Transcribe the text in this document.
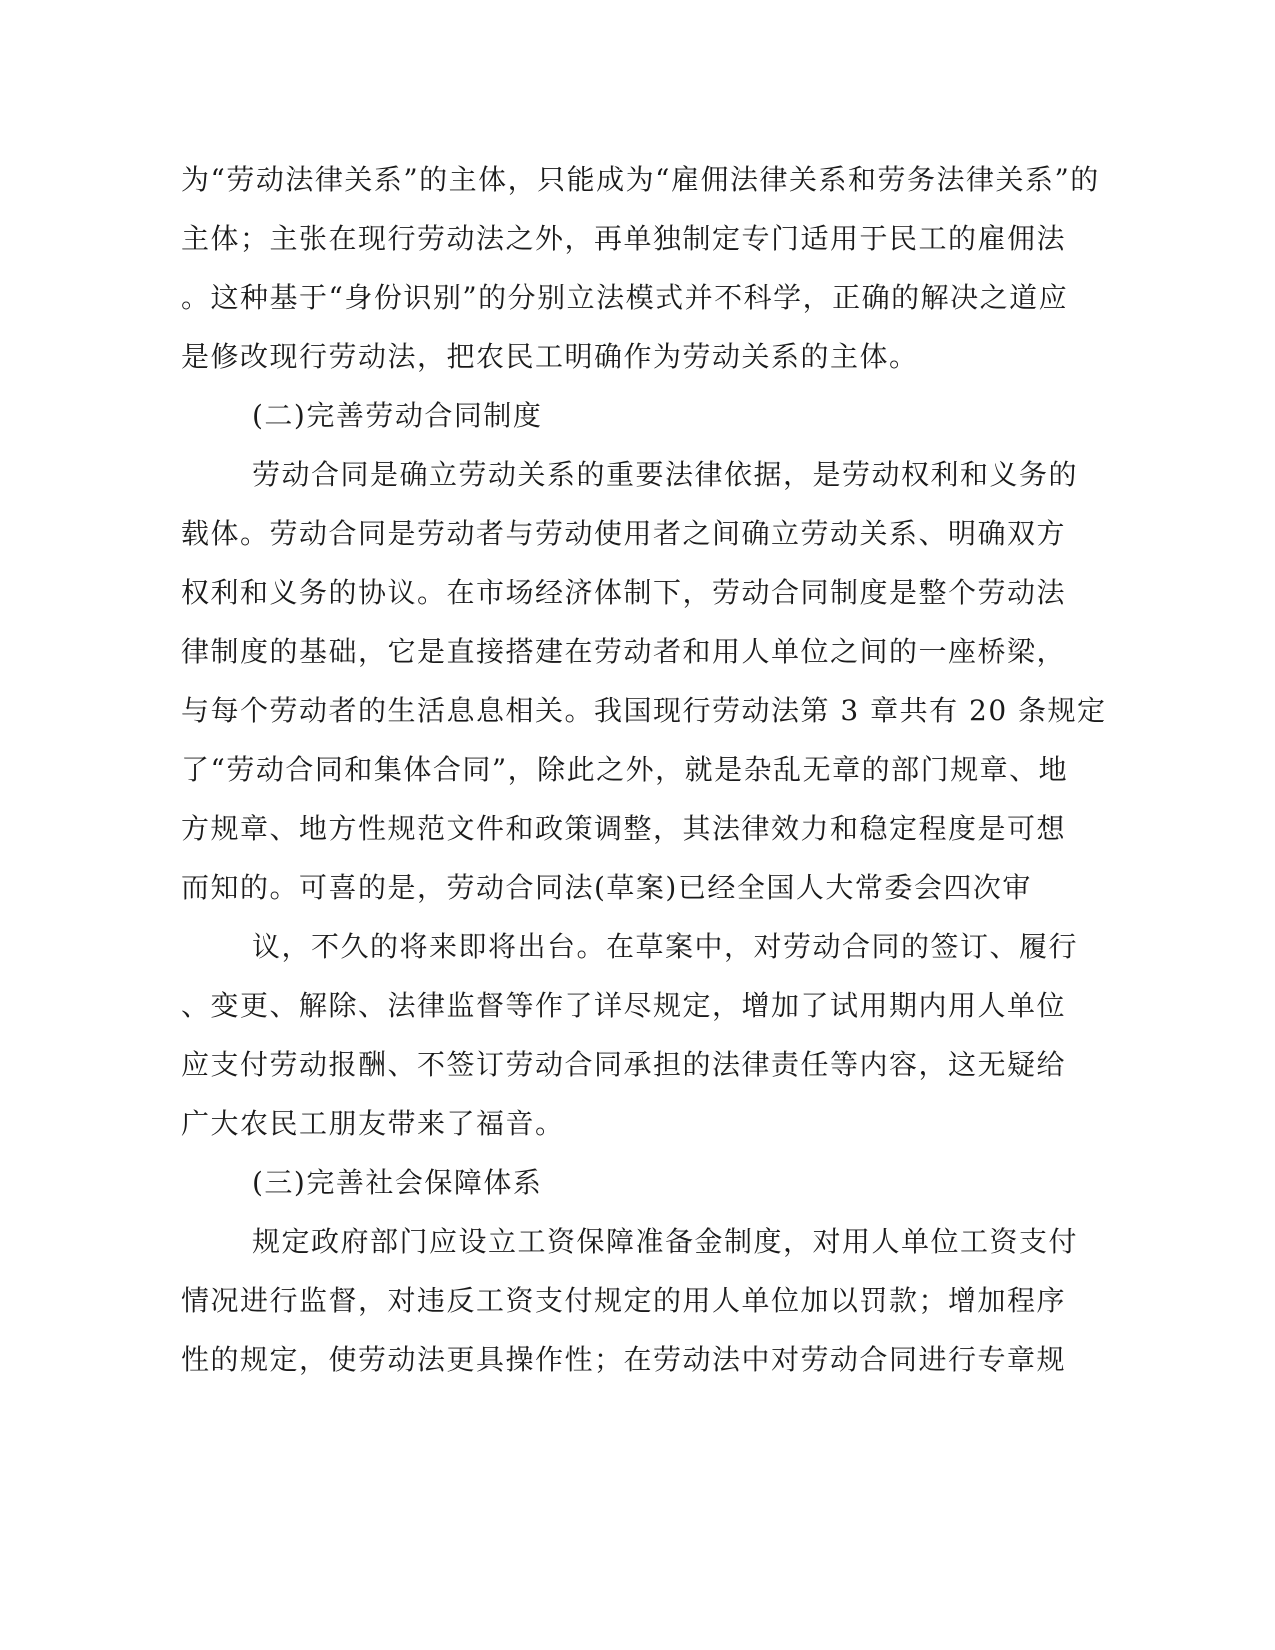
为“劳动法律关系”的主体，只能成为“雇佣法律关系和劳务法律关系”的
主体；主张在现行劳动法之外，再单独制定专门适用于民工的雇佣法
。这种基于“身份识别”的分别立法模式并不科学，正确的解决之道应
是修改现行劳动法，把农民工明确作为劳动关系的主体。
(二)完善劳动合同制度
劳动合同是确立劳动关系的重要法律依据，是劳动权利和义务的
载体。劳动合同是劳动者与劳动使用者之间确立劳动关系、明确双方
权利和义务的协议。在市场经济体制下，劳动合同制度是整个劳动法
律制度的基础，它是直接搭建在劳动者和用人单位之间的一座桥梁，
与每个劳动者的生活息息相关。我国现行劳动法第 3 章共有 20 条规定
了“劳动合同和集体合同”，除此之外，就是杂乱无章的部门规章、地
方规章、地方性规范文件和政策调整，其法律效力和稳定程度是可想
而知的。可喜的是，劳动合同法(草案)已经全国人大常委会四次审
议，不久的将来即将出台。在草案中，对劳动合同的签订、履行
、变更、解除、法律监督等作了详尽规定，增加了试用期内用人单位
应支付劳动报酬、不签订劳动合同承担的法律责任等内容，这无疑给
广大农民工朋友带来了福音。
(三)完善社会保障体系
规定政府部门应设立工资保障准备金制度，对用人单位工资支付
情况进行监督，对违反工资支付规定的用人单位加以罚款；增加程序
性的规定，使劳动法更具操作性；在劳动法中对劳动合同进行专章规
